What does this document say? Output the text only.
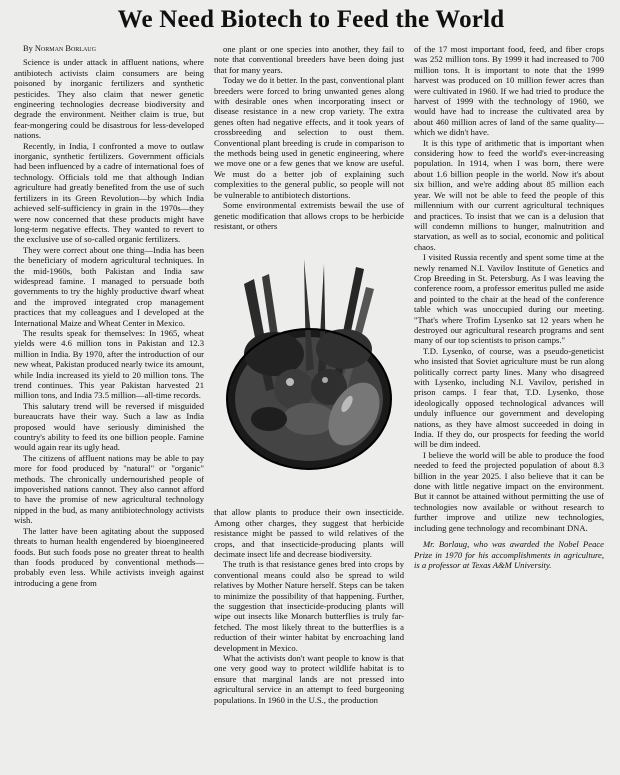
We Need Biotech to Feed the World
By Norman Borlaug

Science is under attack in affluent nations, where antibiotech activists claim consumers are being poisoned by inorganic fertilizers and synthetic pesticides. They also claim that newer genetic engineering technologies decrease biodiversity and degrade the environment. Neither claim is true, but fear-mongering could be disastrous for less-developed nations.

Recently, in India, I confronted a move to outlaw inorganic, synthetic fertilizers. Government officials had been influenced by a cadre of international foes of technology. Officials told me that although Indian agriculture had greatly benefited from the use of such fertilizers in its Green Revolution—by which India achieved self-sufficiency in grain in the 1970s—they were now concerned that these products might have long-term negative effects. They wanted to revert to the exclusive use of so-called organic fertilizers.

They were correct about one thing—India has been the beneficiary of modern agricultural techniques. In the mid-1960s, both Pakistan and India saw widespread famine. I managed to persuade both governments to try the highly productive dwarf wheat and the improved integrated crop management practices that my colleagues and I developed at the International Maize and Wheat Center in Mexico.

The results speak for themselves: In 1965, wheat yields were 4.6 million tons in Pakistan and 12.3 million in India. By 1970, after the introduction of our new wheat, Pakistan produced nearly twice its amount, while India increased its yield to 20 million tons. The trend continues. This year Pakistan harvested 21 million tons, and India 73.5 million—all-time records.

This salutary trend will be reversed if misguided bureaucrats have their way. Such a law as India proposed would have seriously diminished the country's ability to feed its one billion people. Famine would again rear its ugly head.

The citizens of affluent nations may be able to pay more for food produced by "natural" or "organic" methods. The chronically undernourished people of impoverished nations cannot. They also cannot afford to have the promise of new agricultural technology nipped in the bud, as many antibiotechnology activists wish.

The latter have been agitating about the supposed threats to human health engendered by bioengineered foods. But such foods pose no greater threat to health than foods produced by conventional methods—probably even less. While activists inveigh against introducing a gene from

one plant or one species into another, they fail to note that conventional breeders have been doing just that for many years.

Today we do it better. In the past, conventional plant breeders were forced to bring unwanted genes along with desirable ones when incorporating insect or disease resistance in a new crop variety. The extra genes often had negative effects, and it took years of crossbreeding and selection to oust them. Conventional plant breeding is crude in comparison to the methods being used in genetic engineering, where we move one or a few genes that we know are useful. We must do a better job of explaining such complexities to the general public, so people will not be vulnerable to antibiotech distortions.

Some environmental extremists bewail the use of genetic modification that allows crops to be herbicide resistant, or others

that allow plants to produce their own insecticide. Among other charges, they suggest that herbicide resistance might be passed to wild relatives of the crops, and that insecticide-producing plants will decimate insect life and decrease biodiversity.

The truth is that resistance genes bred into crops by conventional means could also be spread to wild relatives by Mother Nature herself. Steps can be taken to minimize the possibility of that happening. Further, the suggestion that insecticide-producing plants will wipe out insects like Monarch butterflies is truly far-fetched. The most likely threat to the butterflies is a reduction of their winter habitat by encroaching land development in Mexico.

What the activists don't want people to know is that one very good way to protect wildlife habitat is to ensure that marginal lands are not pressed into agricultural service in an attempt to feed burgeoning populations. In 1960 in the U.S., the production

of the 17 most important food, feed, and fiber crops was 252 million tons. By 1999 it had increased to 700 million tons. It is important to note that the 1999 harvest was produced on 10 million fewer acres than were cultivated in 1960. If we had tried to produce the harvest of 1999 with the technology of 1960, we would have had to increase the cultivated area by about 460 million acres of land of the same quality—which we didn't have.

It is this type of arithmetic that is important when considering how to feed the world's ever-increasing population. In 1914, when I was born, there were about 1.6 billion people in the world. Now it's about six billion, and we're adding about 85 million each year. We will not be able to feed the people of this millennium with our current agricultural techniques and practices. To insist that we can is a delusion that will condemn millions to hunger, malnutrition and starvation, as well as to social, economic and political chaos.

I visited Russia recently and spent some time at the newly renamed N.I. Vavilov Institute of Genetics and Crop Breeding in St. Petersburg. As I was leaving the conference room, a professor emeritus pulled me aside and pointed to the chair at the head of the conference table which was unoccupied during our meeting. "That's where Trofim Lysenko sat 12 years when he destroyed our agricultural research programs and sent many of our top scientists to prison camps."

T.D. Lysenko, of course, was a pseudo-geneticist who insisted that Soviet agriculture must be run along politically correct party lines. Many who disagreed with Lysenko, including N.I. Vavilov, perished in prison camps. I fear that, T.D. Lysenko, those ideologically opposed technological advances will unduly influence our government and developing nations, as they have almost succeeded in doing in India. If they do, our prospects for feeding the world will be dim indeed.

I believe the world will be able to produce the food needed to feed the projected population of about 8.3 billion in the year 2025. I also believe that it can be done with little negative impact on the environment. But it cannot be attained without permitting the use of technologies now available or without research to further improve and utilize new technologies, including gene technology and recombinant DNA.

Mr. Borlaug, who was awarded the Nobel Peace Prize in 1970 for his accomplishments in agriculture, is a professor at Texas A&M University.
